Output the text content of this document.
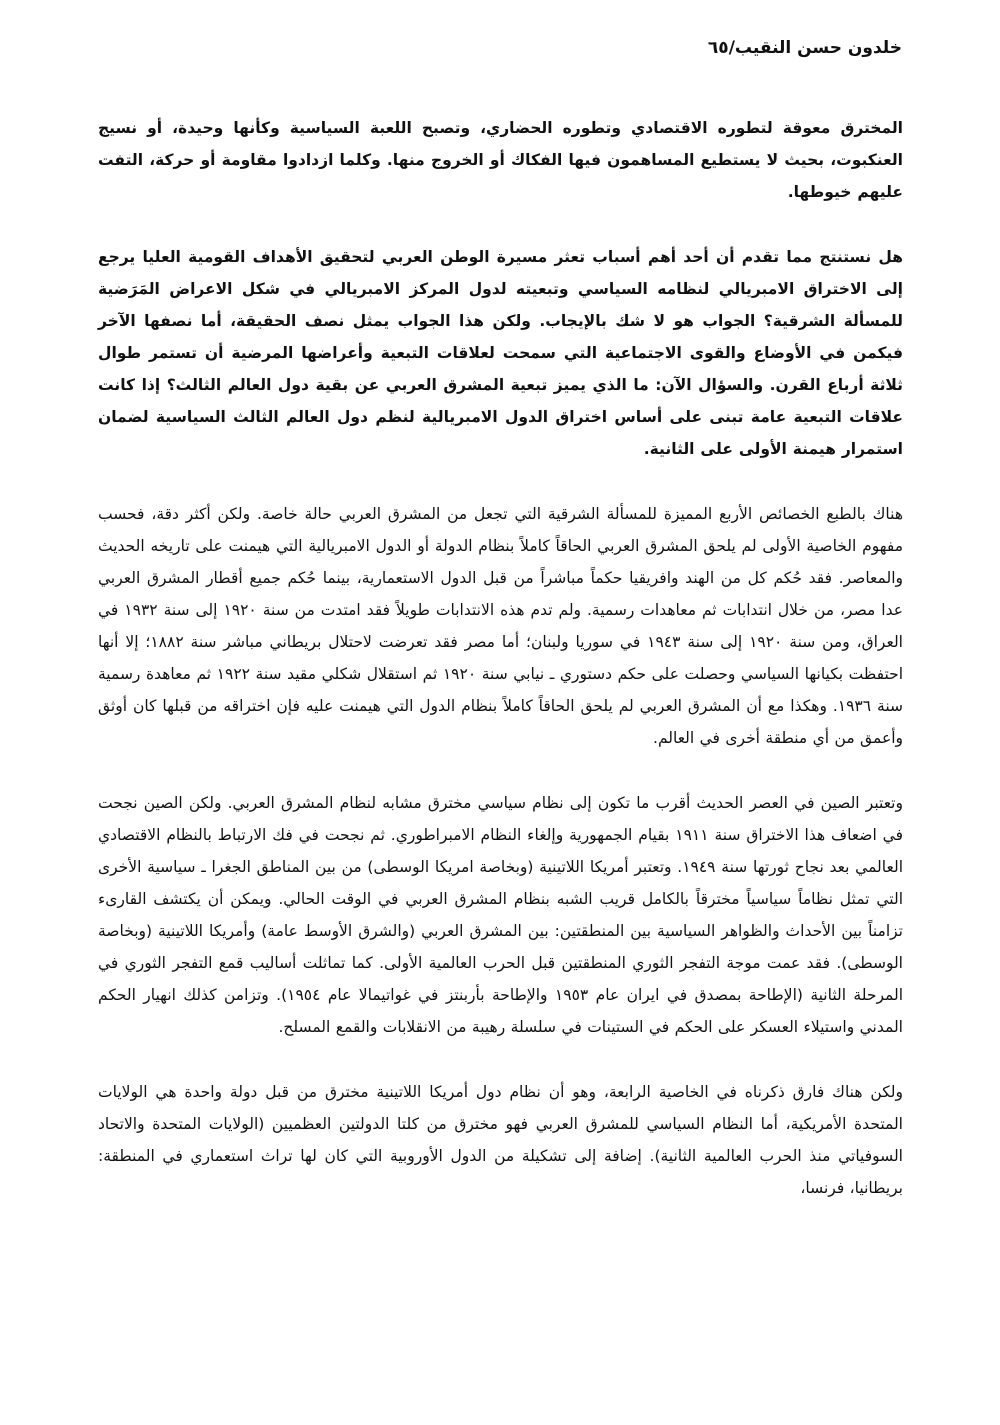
خلدون حسن النقيب/٦٥

المخترق معوقة لتطوره الاقتصادي وتطوره الحضاري، وتصبح اللعبة السياسية وكأنها وحيدة، أو نسيج العنكبوت، بحيث لا يستطيع المساهمون فيها الفكاك أو الخروج منها. وكلما ازدادوا مقاومة أو حركة، التفت عليهم خيوطها.

هل نستنتج مما تقدم أن أحد أهم أسباب تعثر مسيرة الوطن العربي لتحقيق الأهداف القومية العليا يرجع إلى الاختراق الامبريالي لنظامه السياسي وتبعيته لدول المركز الامبريالي في شكل الاعراض المَرَضية للمسألة الشرقية؟ الجواب هو لا شك بالإيجاب. ولكن هذا الجواب يمثل نصف الحقيقة، أما نصفها الآخر فيكمن في الأوضاع والقوى الاجتماعية التي سمحت لعلاقات التبعية وأعراضها المرضية أن تستمر طوال ثلاثة أرباع القرن. والسؤال الآن: ما الذي يميز تبعية المشرق العربي عن بقية دول العالم الثالث؟ إذا كانت علاقات التبعية عامة تبنى على أساس اختراق الدول الامبريالية لنظم دول العالم الثالث السياسية لضمان استمرار هيمنة الأولى على الثانية.

هناك بالطبع الخصائص الأربع المميزة للمسألة الشرقية التي تجعل من المشرق العربي حالة خاصة. ولكن أكثر دقة، فحسب مفهوم الخاصية الأولى لم يلحق المشرق العربي الحاقاً كاملاً بنظام الدولة أو الدول الامبريالية التي هيمنت على تاريخه الحديث والمعاصر. فقد حُكم كل من الهند وافريقيا حكماً مباشراً من قبل الدول الاستعمارية، بينما حُكم جميع أقطار المشرق العربي عدا مصر، من خلال انتدابات ثم معاهدات رسمية. ولم تدم هذه الانتدابات طويلاً فقد امتدت من سنة ١٩٢٠ إلى سنة ١٩٣٢ في العراق، ومن سنة ١٩٢٠ إلى سنة ١٩٤٣ في سوريا ولبنان؛ أما مصر فقد تعرضت لاحتلال بريطاني مباشر سنة ١٨٨٢؛ إلا أنها احتفظت بكيانها السياسي وحصلت على حكم دستوري ـ نيابي سنة ١٩٢٠ ثم استقلال شكلي مقيد سنة ١٩٢٢ ثم معاهدة رسمية سنة ١٩٣٦. وهكذا مع أن المشرق العربي لم يلحق الحاقاً كاملاً بنظام الدول التي هيمنت عليه فإن اختراقه من قبلها كان أوثق وأعمق من أي منطقة أخرى في العالم.

وتعتبر الصين في العصر الحديث أقرب ما تكون إلى نظام سياسي مخترق مشابه لنظام المشرق العربي. ولكن الصين نجحت في اضعاف هذا الاختراق سنة ١٩١١ بقيام الجمهورية وإلغاء النظام الامبراطوري. ثم نجحت في فك الارتباط بالنظام الاقتصادي العالمي بعد نجاح ثورتها سنة ١٩٤٩. وتعتبر أمريكا اللاتينية (وبخاصة امريكا الوسطى) من بين المناطق الجغرا ـ سياسية الأخرى التي تمثل نظاماً سياسياً مخترقاً بالكامل قريب الشبه بنظام المشرق العربي في الوقت الحالي. ويمكن أن يكتشف القارىء تزامناً بين الأحداث والظواهر السياسية بين المنطقتين: بين المشرق العربي (والشرق الأوسط عامة) وأمريكا اللاتينية (وبخاصة الوسطى). فقد عمت موجة التفجر الثوري المنطقتين قبل الحرب العالمية الأولى. كما تماثلت أساليب قمع التفجر الثوري في المرحلة الثانية (الإطاحة بمصدق في ايران عام ١٩٥٣ والإطاحة بأربنتز في غواتيمالا عام ١٩٥٤). وتزامن كذلك انهيار الحكم المدني واستيلاء العسكر على الحكم في الستينات في سلسلة رهيبة من الانقلابات والقمع المسلح.

ولكن هناك فارق ذكرناه في الخاصية الرابعة، وهو أن نظام دول أمريكا اللاتينية مخترق من قبل دولة واحدة هي الولايات المتحدة الأمريكية، أما النظام السياسي للمشرق العربي فهو مخترق من كلتا الدولتين العظميين (الولايات المتحدة والاتحاد السوفياتي منذ الحرب العالمية الثانية). إضافة إلى تشكيلة من الدول الأوروبية التي كان لها تراث استعماري في المنطقة: بريطانيا، فرنسا،
